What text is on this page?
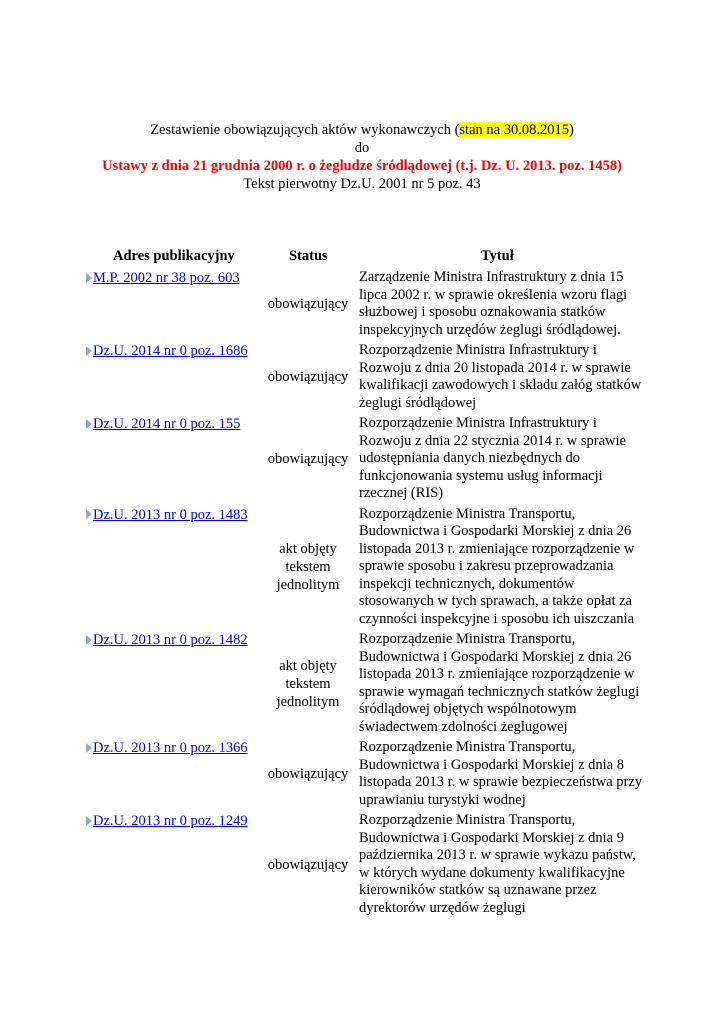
Zestawienie obowiązujących aktów wykonawczych (stan na 30.08.2015)
do
Ustawy z dnia 21 grudnia 2000 r. o żegludze śródlądowej (t.j. Dz. U. 2013. poz. 1458)
Tekst pierwotny Dz.U. 2001 nr 5 poz. 43
Adres publikacyjny	Status	Tytuł
M.P. 2002 nr 38 poz. 603
obowiązujący
Zarządzenie Ministra Infrastruktury z dnia 15 lipca 2002 r. w sprawie określenia wzoru flagi służbowej i sposobu oznakowania statków inspekcyjnych urzędów żeglugi śródlądowej.
Dz.U. 2014 nr 0 poz. 1686
obowiązujący
Rozporządzenie Ministra Infrastruktury i Rozwoju z dnia 20 listopada 2014 r. w sprawie kwalifikacji zawodowych i składu załóg statków żeglugi śródlądowej
Dz.U. 2014 nr 0 poz. 155
obowiązujący
Rozporządzenie Ministra Infrastruktury i Rozwoju z dnia 22 stycznia 2014 r. w sprawie udostępniania danych niezbędnych do funkcjonowania systemu usług informacji rzecznej (RIS)
Dz.U. 2013 nr 0 poz. 1483
akt objęty tekstem jednolitym
Rozporządzenie Ministra Transportu, Budownictwa i Gospodarki Morskiej z dnia 26 listopada 2013 r. zmieniające rozporządzenie w sprawie sposobu i zakresu przeprowadzania inspekcji technicznych, dokumentów stosowanych w tych sprawach, a także opłat za czynności inspekcyjne i sposobu ich uiszczania
Dz.U. 2013 nr 0 poz. 1482
akt objęty tekstem jednolitym
Rozporządzenie Ministra Transportu, Budownictwa i Gospodarki Morskiej z dnia 26 listopada 2013 r. zmieniające rozporządzenie w sprawie wymagań technicznych statków żeglugi śródlądowej objętych wspólnotowym świadectwem zdolności żeglugowej
Dz.U. 2013 nr 0 poz. 1366
obowiązujący
Rozporządzenie Ministra Transportu, Budownictwa i Gospodarki Morskiej z dnia 8 listopada 2013 r. w sprawie bezpieczeństwa przy uprawianiu turystyki wodnej
Dz.U. 2013 nr 0 poz. 1249
obowiązujący
Rozporządzenie Ministra Transportu, Budownictwa i Gospodarki Morskiej z dnia 9 października 2013 r. w sprawie wykazu państw, w których wydane dokumenty kwalifikacyjne kierowników statków są uznawane przez dyrektorów urzędów żeglugi
